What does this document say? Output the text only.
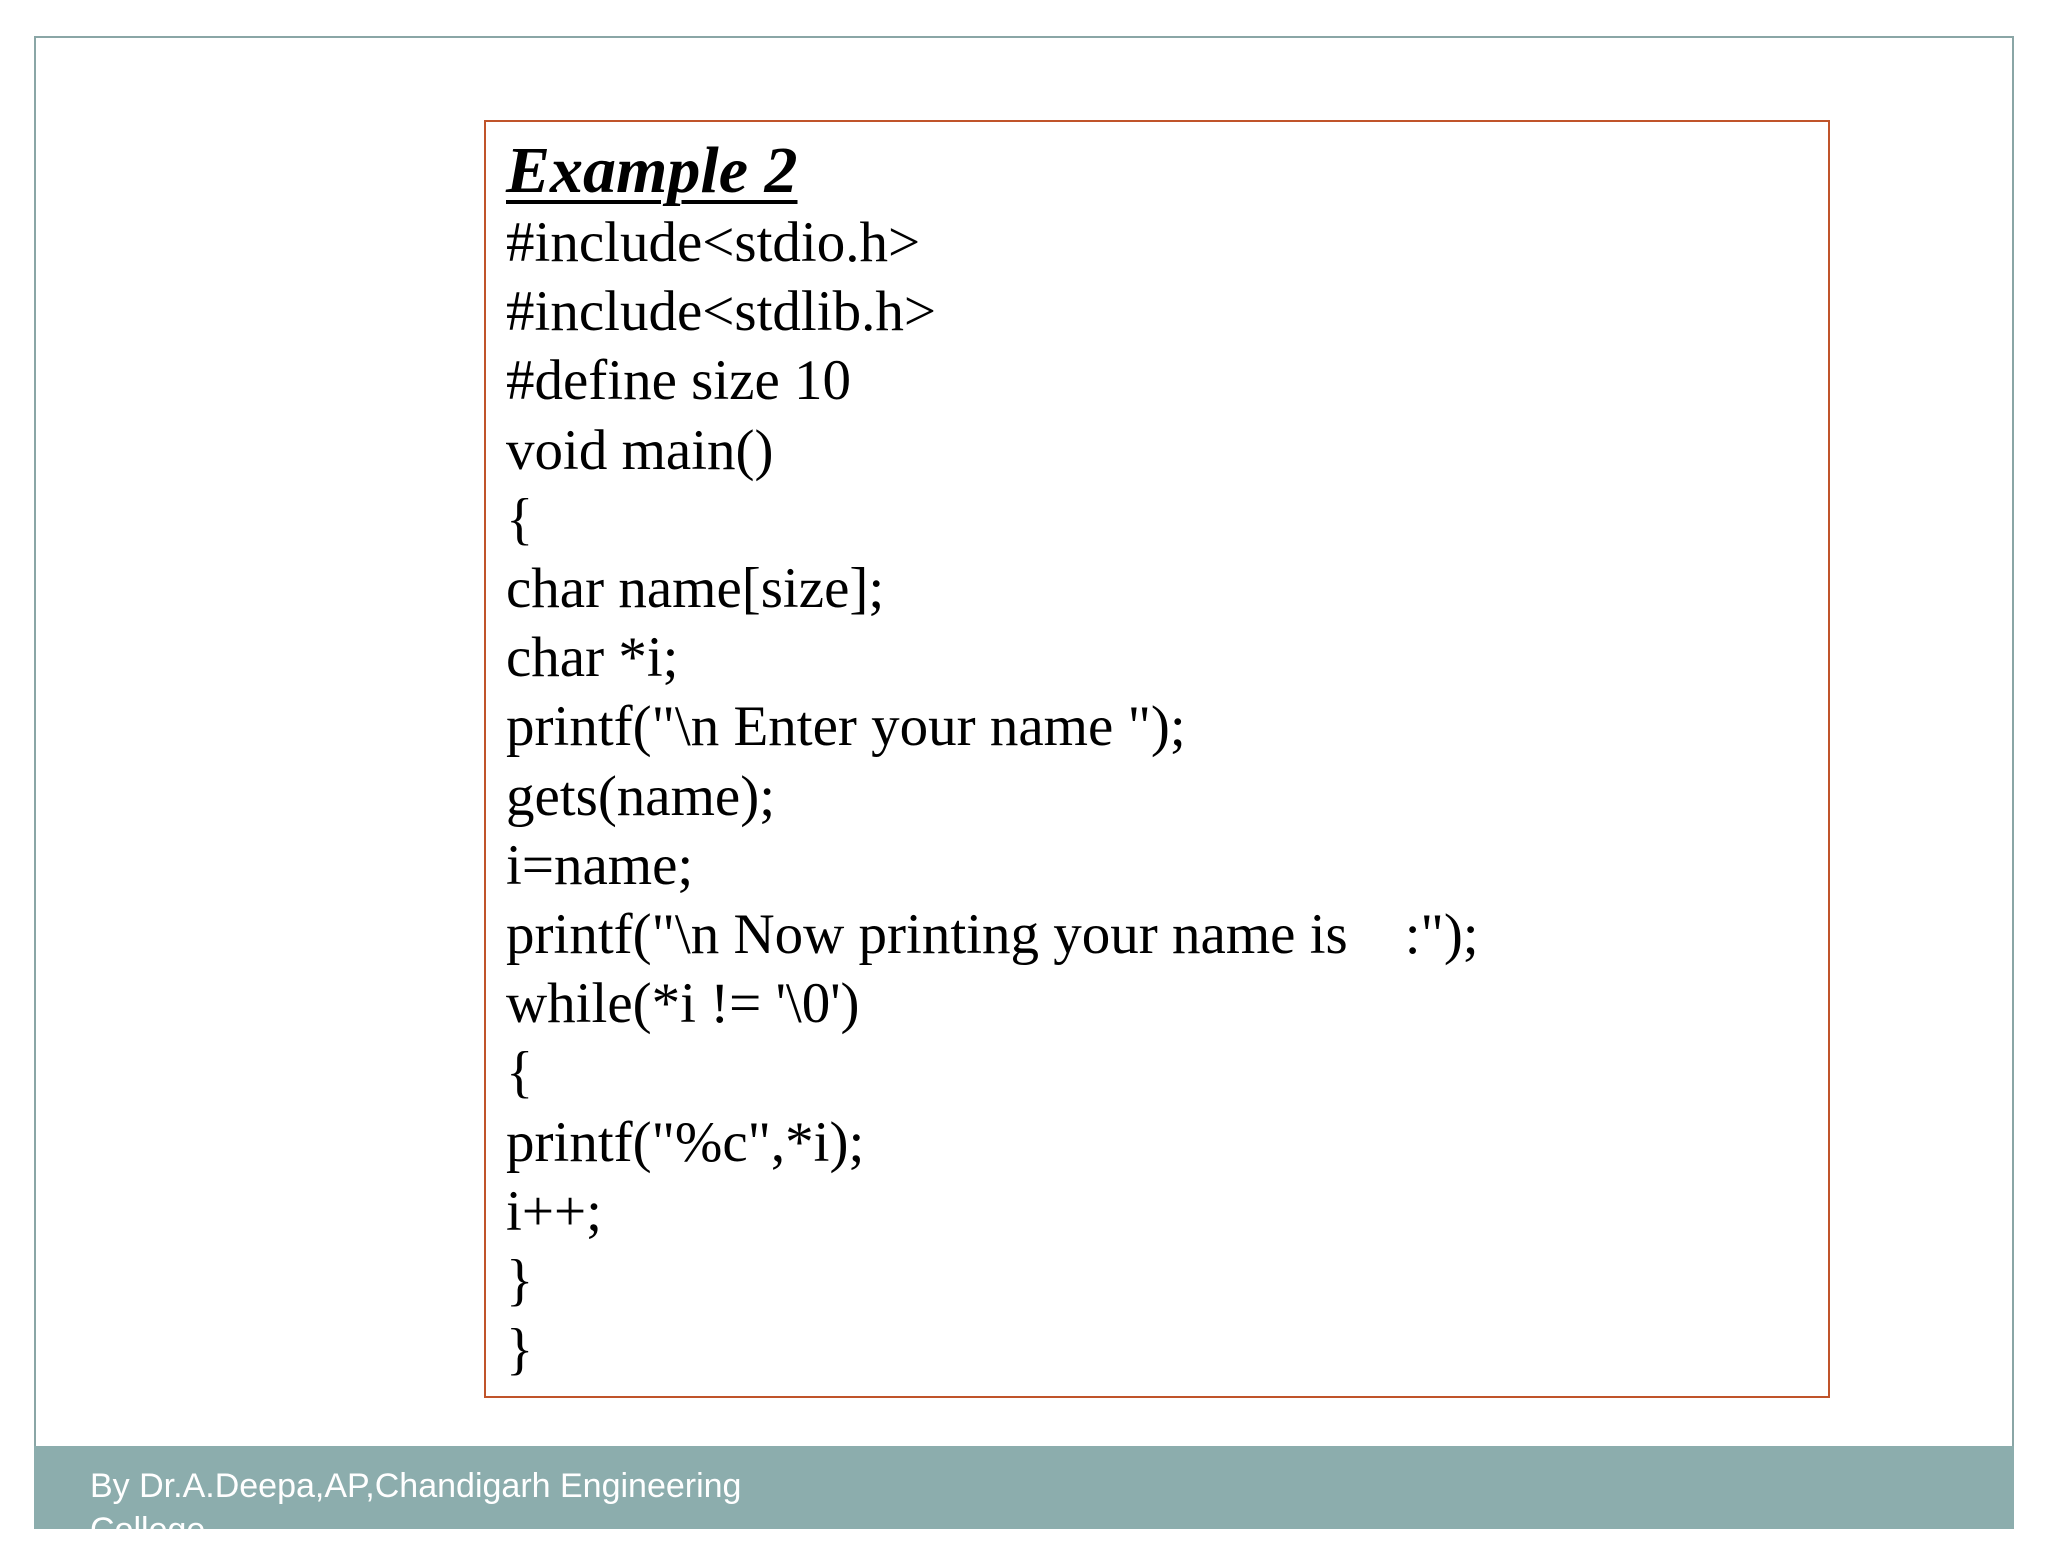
Example 2
#include<stdio.h>
#include<stdlib.h>
#define size 10
void main()
{
char name[size];
char *i;
printf("\n Enter your name ");
gets(name);
i=name;
printf("\n Now printing your name is    :");
while(*i != '\0')
{
printf("%c",*i);
i++;
}
}
By Dr.A.Deepa,AP,Chandigarh Engineering College
